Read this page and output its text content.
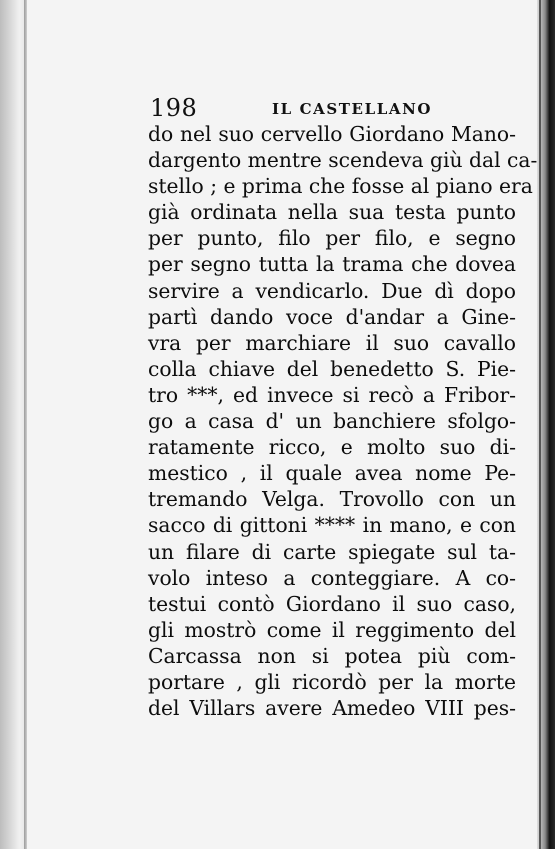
198	IL CASTELLANO
do nel suo cervello Giordano Mano-
dargento mentre scendeva giù dal ca-
stello ; e prima che fosse al piano era
già ordinata nella sua testa punto
per punto, filo per filo, e segno
per segno tutta la trama che dovea
servire a vendicarlo. Due dì dopo
partì dando voce d'andar a Gine-
vra per marchiare il suo cavallo
colla chiave del benedetto S. Pie-
tro ***, ed invece si recò a Fribor-
go a casa d' un banchiere sfolgo-
ratamente ricco, e molto suo di-
mestico , il quale avea nome Pe-
tremando Velga. Trovollo con un
sacco di gittoni **** in mano, e con
un filare di carte spiegate sul ta-
volo inteso a conteggiare. A co-
testui contò Giordano il suo caso,
gli mostrò come il reggimento del
Carcassa non si potea più com-
portare , gli ricordò per la morte
del Villars avere Amedeo VIII pes-
